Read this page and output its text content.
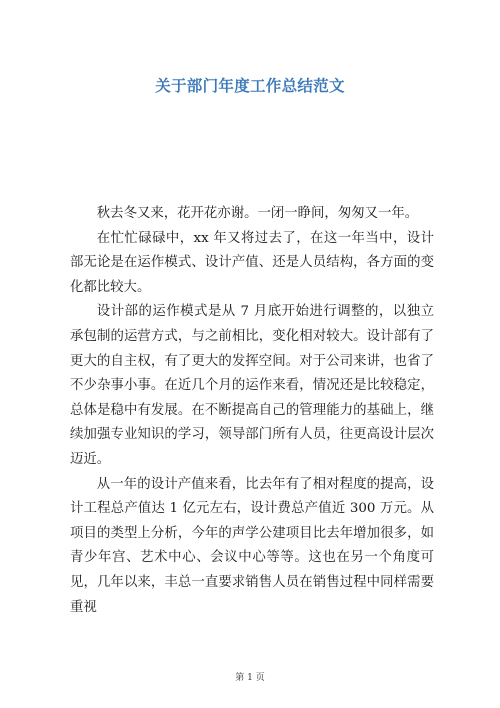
关于部门年度工作总结范文

秋去冬又来，花开花亦谢。一闭一睁间，匆匆又一年。

在忙忙碌碌中，xx 年又将过去了，在这一年当中，设计部无论是在运作模式、设计产值、还是人员结构，各方面的变化都比较大。

设计部的运作模式是从 7 月底开始进行调整的，以独立承包制的运营方式，与之前相比，变化相对较大。设计部有了更大的自主权，有了更大的发挥空间。对于公司来讲，也省了不少杂事小事。在近几个月的运作来看，情况还是比较稳定，总体是稳中有发展。在不断提高自己的管理能力的基础上，继续加强专业知识的学习，领导部门所有人员，往更高设计层次迈近。

从一年的设计产值来看，比去年有了相对程度的提高，设计工程总产值达 1 亿元左右，设计费总产值近 300 万元。从项目的类型上分析，今年的声学公建项目比去年增加很多，如青少年宫、艺术中心、会议中心等等。这也在另一个角度可见，几年以来，丰总一直要求销售人员在销售过程中同样需要重视

第 1 页
